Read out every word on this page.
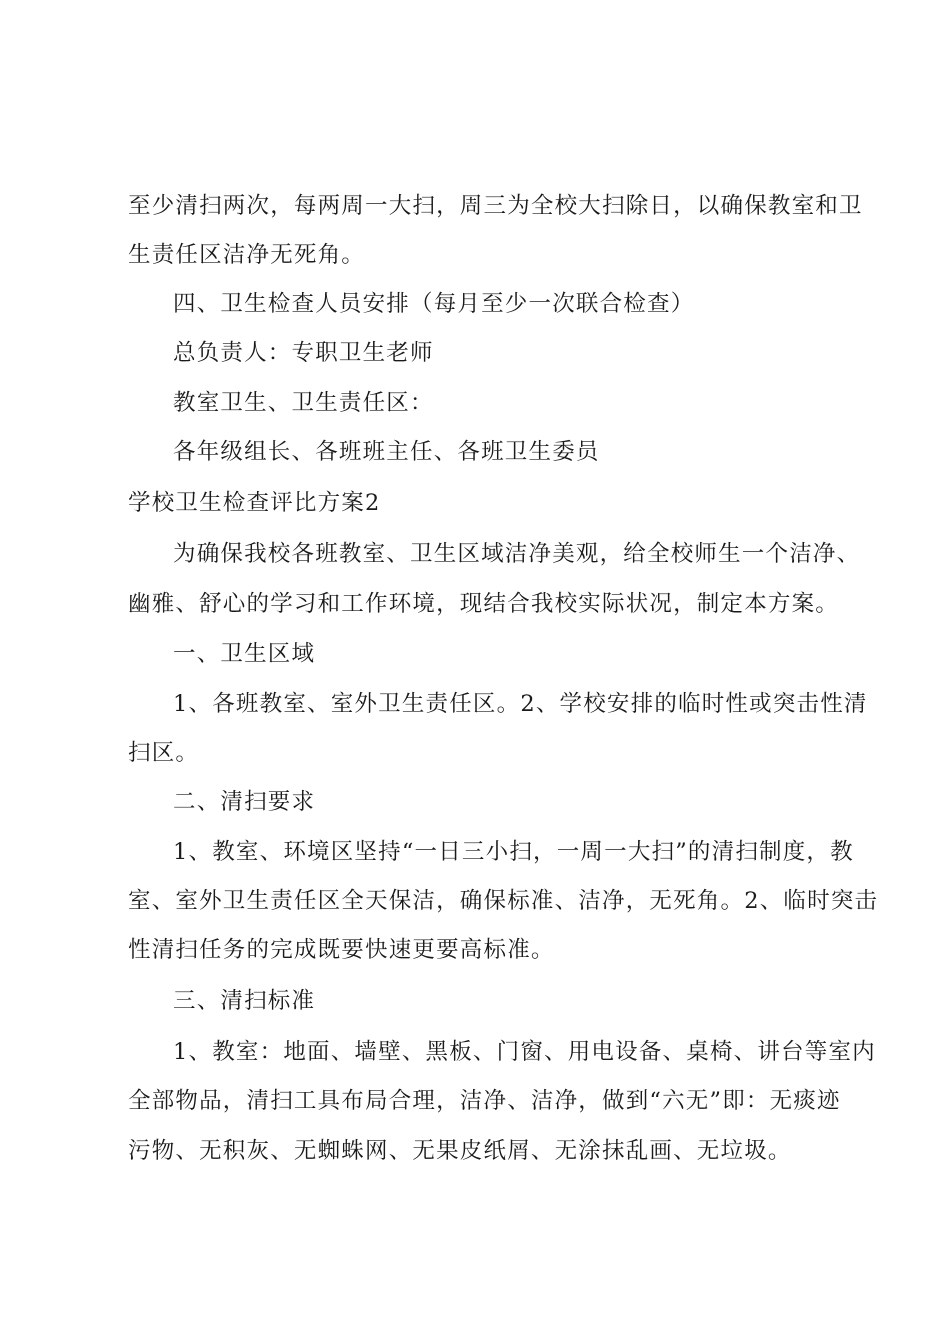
至少清扫两次，每两周一大扫，周三为全校大扫除日，以确保教室和卫
生责任区洁净无死角。
四、卫生检查人员安排（每月至少一次联合检查）
总负责人：专职卫生老师
教室卫生、卫生责任区：
各年级组长、各班班主任、各班卫生委员
学校卫生检查评比方案2
为确保我校各班教室、卫生区域洁净美观，给全校师生一个洁净、
幽雅、舒心的学习和工作环境，现结合我校实际状况，制定本方案。
一、卫生区域
1、各班教室、室外卫生责任区。2、学校安排的临时性或突击性清
扫区。
二、清扫要求
1、教室、环境区坚持“一日三小扫，一周一大扫”的清扫制度，教
室、室外卫生责任区全天保洁，确保标准、洁净，无死角。2、临时突击
性清扫任务的完成既要快速更要高标准。
三、清扫标准
1、教室：地面、墙壁、黑板、门窗、用电设备、桌椅、讲台等室内
全部物品，清扫工具布局合理，洁净、洁净，做到“六无”即：无痰迹
污物、无积灰、无蜘蛛网、无果皮纸屑、无涂抹乱画、无垃圾。
